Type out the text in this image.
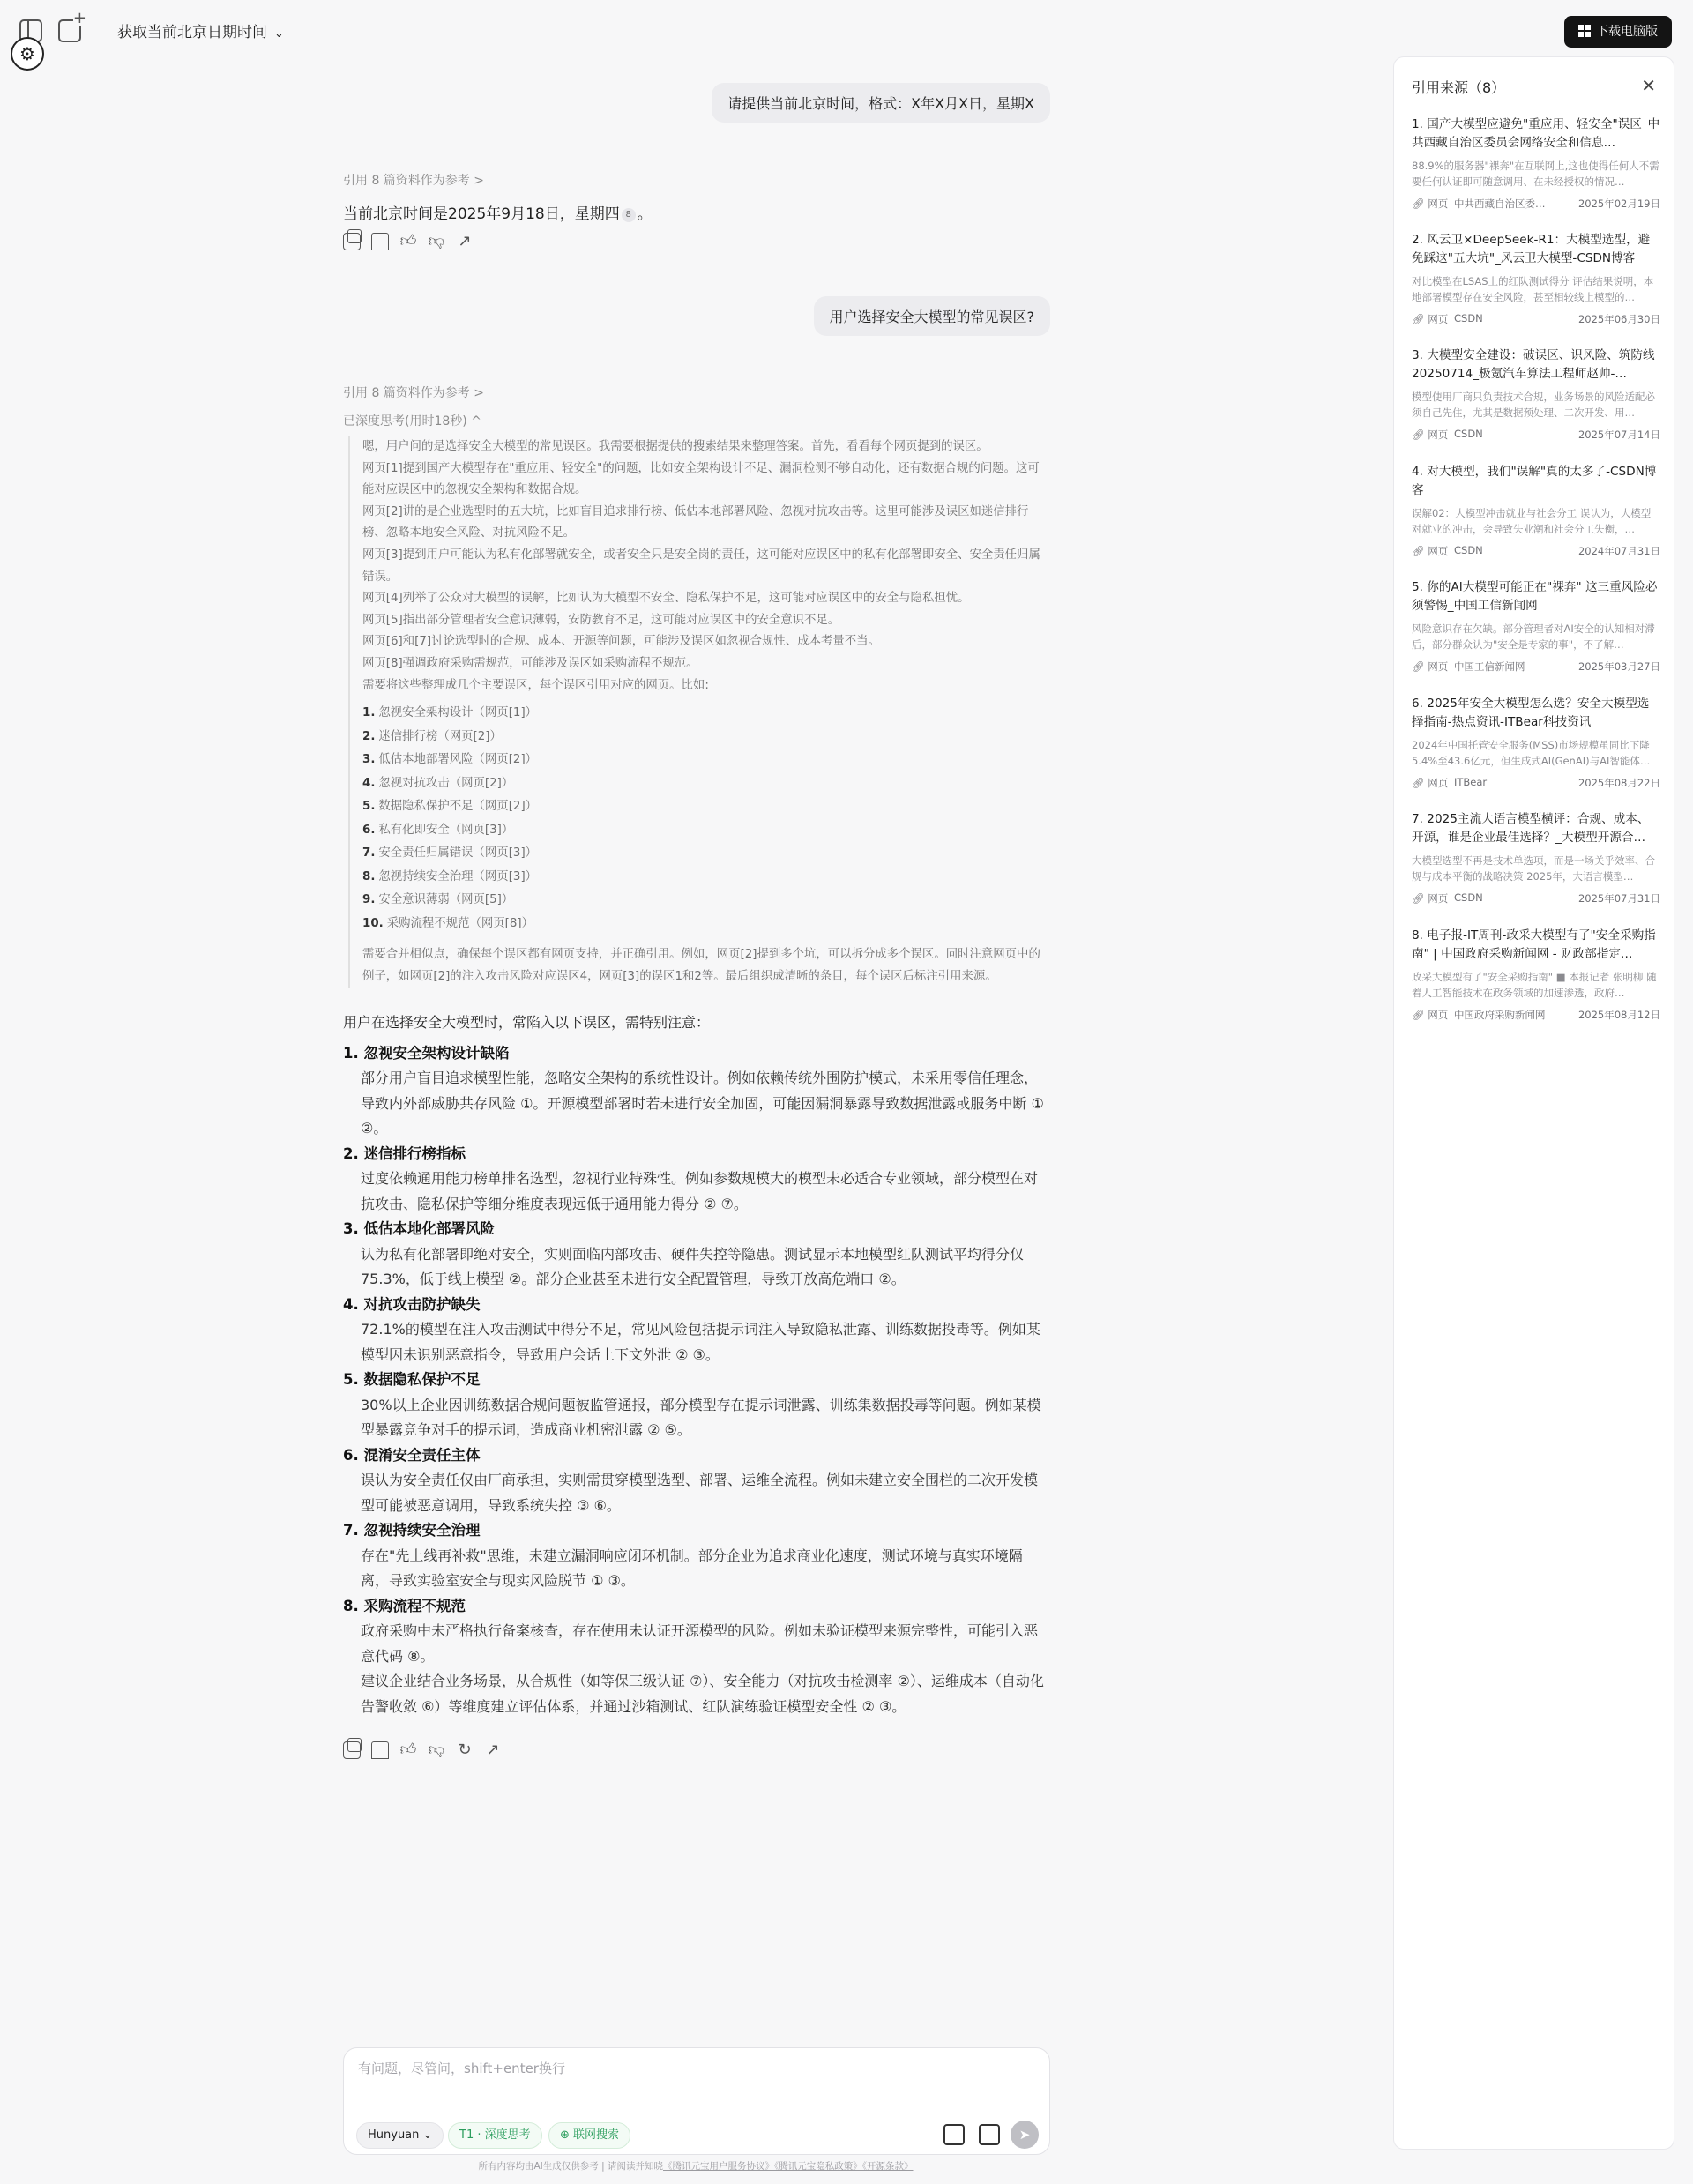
+
⚙
获取当前北京日期时间 ⌄	下载电脑版
请提供当前北京时间，格式：X年X月X日，星期X
引用 8 篇资料作为参考 >
当前北京时间是2025年9月18日，星期四 8 。
👍︎ 👎︎ ↗
用户选择安全大模型的常见误区?
引用 8 篇资料作为参考 >
已深度思考(用时18秒) ^
嗯，用户问的是选择安全大模型的常见误区。我需要根据提供的搜索结果来整理答案。首先，看看每个网页提到的误区。
网页[1]提到国产大模型存在"重应用、轻安全"的问题，比如安全架构设计不足、漏洞检测不够自动化，还有数据合规的问题。这可能对应误区中的忽视安全架构和数据合规。
网页[2]讲的是企业选型时的五大坑，比如盲目追求排行榜、低估本地部署风险、忽视对抗攻击等。这里可能涉及误区如迷信排行榜、忽略本地安全风险、对抗风险不足。
网页[3]提到用户可能认为私有化部署就安全，或者安全只是安全岗的责任，这可能对应误区中的私有化部署即安全、安全责任归属错误。
网页[4]列举了公众对大模型的误解，比如认为大模型不安全、隐私保护不足，这可能对应误区中的安全与隐私担忧。
网页[5]指出部分管理者安全意识薄弱，安防教育不足，这可能对应误区中的安全意识不足。
网页[6]和[7]讨论选型时的合规、成本、开源等问题，可能涉及误区如忽视合规性、成本考量不当。
网页[8]强调政府采购需规范，可能涉及误区如采购流程不规范。
需要将这些整理成几个主要误区，每个误区引用对应的网页。比如:
1. 忽视安全架构设计（网页[1]）
2. 迷信排行榜（网页[2]）
3. 低估本地部署风险（网页[2]）
4. 忽视对抗攻击（网页[2]）
5. 数据隐私保护不足（网页[2]）
6. 私有化即安全（网页[3]）
7. 安全责任归属错误（网页[3]）
8. 忽视持续安全治理（网页[3]）
9. 安全意识薄弱（网页[5]）
10. 采购流程不规范（网页[8]）
需要合并相似点，确保每个误区都有网页支持，并正确引用。例如，网页[2]提到多个坑，可以拆分成多个误区。同时注意网页中的例子，如网页[2]的注入攻击风险对应误区4，网页[3]的误区1和2等。最后组织成清晰的条目，每个误区后标注引用来源。
用户在选择安全大模型时，常陷入以下误区，需特别注意：
1. 忽视安全架构设计缺陷
部分用户盲目追求模型性能，忽略安全架构的系统性设计。例如依赖传统外围防护模式，未采用零信任理念，导致内外部威胁共存风险 ①。开源模型部署时若未进行安全加固，可能因漏洞暴露导致数据泄露或服务中断 ① ②。
2. 迷信排行榜指标
过度依赖通用能力榜单排名选型，忽视行业特殊性。例如参数规模大的模型未必适合专业领域，部分模型在对抗攻击、隐私保护等细分维度表现远低于通用能力得分 ② ⑦。
3. 低估本地化部署风险
认为私有化部署即绝对安全，实则面临内部攻击、硬件失控等隐患。测试显示本地模型红队测试平均得分仅75.3%，低于线上模型 ②。部分企业甚至未进行安全配置管理，导致开放高危端口 ②。
4. 对抗攻击防护缺失
72.1%的模型在注入攻击测试中得分不足，常见风险包括提示词注入导致隐私泄露、训练数据投毒等。例如某模型因未识别恶意指令，导致用户会话上下文外泄 ② ③。
5. 数据隐私保护不足
30%以上企业因训练数据合规问题被监管通报，部分模型存在提示词泄露、训练集数据投毒等问题。例如某模型暴露竞争对手的提示词，造成商业机密泄露 ② ⑤。
6. 混淆安全责任主体
误认为安全责任仅由厂商承担，实则需贯穿模型选型、部署、运维全流程。例如未建立安全围栏的二次开发模型可能被恶意调用，导致系统失控 ③ ⑥。
7. 忽视持续安全治理
存在"先上线再补救"思维，未建立漏洞响应闭环机制。部分企业为追求商业化速度，测试环境与真实环境隔离，导致实验室安全与现实风险脱节 ① ③。
8. 采购流程不规范
政府采购中未严格执行备案核查，存在使用未认证开源模型的风险。例如未验证模型来源完整性，可能引入恶意代码 ⑧。
建议企业结合业务场景，从合规性（如等保三级认证 ⑦）、安全能力（对抗攻击检测率 ②）、运维成本（自动化告警收敛 ⑥）等维度建立评估体系，并通过沙箱测试、红队演练验证模型安全性 ② ③。
👍︎ 👎︎ ↻ ↗
有问题，尽管问，shift+enter换行
Hunyuan ⌄	T1 · 深度思考	⊕ 联网搜索	➤
所有内容均由AI生成仅供参考 | 请阅读并知晓《腾讯元宝用户服务协议》《腾讯元宝隐私政策》《开源条款》
引用来源（8）	✕
1. 国产大模型应避免"重应用、轻安全"误区_中共西藏自治区委员会网络安全和信息…
88.9%的服务器"裸奔"在互联网上,这也使得任何人不需要任何认证即可随意调用、在未经授权的情况…
🔗︎ 网页 中共西藏自治区委…	2025年02月19日
2. 风云卫×DeepSeek-R1：大模型选型，避免踩这"五大坑"_风云卫大模型-CSDN博客
对比模型在LSAS上的红队测试得分 评估结果说明，本地部署模型存在安全风险，甚至相较线上模型的…
🔗︎ 网页 CSDN	2025年06月30日
3. 大模型安全建设：破误区、识风险、筑防线20250714_极氪汽车算法工程师赵帅-…
模型使用厂商只负责技术合规，业务场景的风险适配必须自己先住，尤其是数据预处理、二次开发、用…
🔗︎ 网页 CSDN	2025年07月14日
4. 对大模型，我们"误解"真的太多了-CSDN博客
误解02：大模型冲击就业与社会分工 误认为，大模型对就业的冲击，会导致失业潮和社会分工失衡，…
🔗︎ 网页 CSDN	2024年07月31日
5. 你的AI大模型可能正在"裸奔" 这三重风险必须警惕_中国工信新闻网
风险意识存在欠缺。部分管理者对AI安全的认知相对滞后，部分群众认为"安全是专家的事"，不了解…
🔗︎ 网页 中国工信新闻网	2025年03月27日
6. 2025年安全大模型怎么选？安全大模型选择指南-热点资讯-ITBear科技资讯
2024年中国托管安全服务(MSS)市场规模虽同比下降5.4%至43.6亿元，但生成式AI(GenAI)与AI智能体…
🔗︎ 网页 ITBear	2025年08月22日
7. 2025主流大语言模型横评：合规、成本、开源，谁是企业最佳选择？_大模型开源合…
大模型选型不再是技术单选项，而是一场关乎效率、合规与成本平衡的战略决策 2025年，大语言模型…
🔗︎ 网页 CSDN	2025年07月31日
8. 电子报-IT周刊-政采大模型有了"安全采购指南" | 中国政府采购新闻网 - 财政部指定…
政采大模型有了"安全采购指南" ■ 本报记者 张明柳 随着人工智能技术在政务领域的加速渗透，政府…
🔗︎ 网页 中国政府采购新闻网	2025年08月12日
